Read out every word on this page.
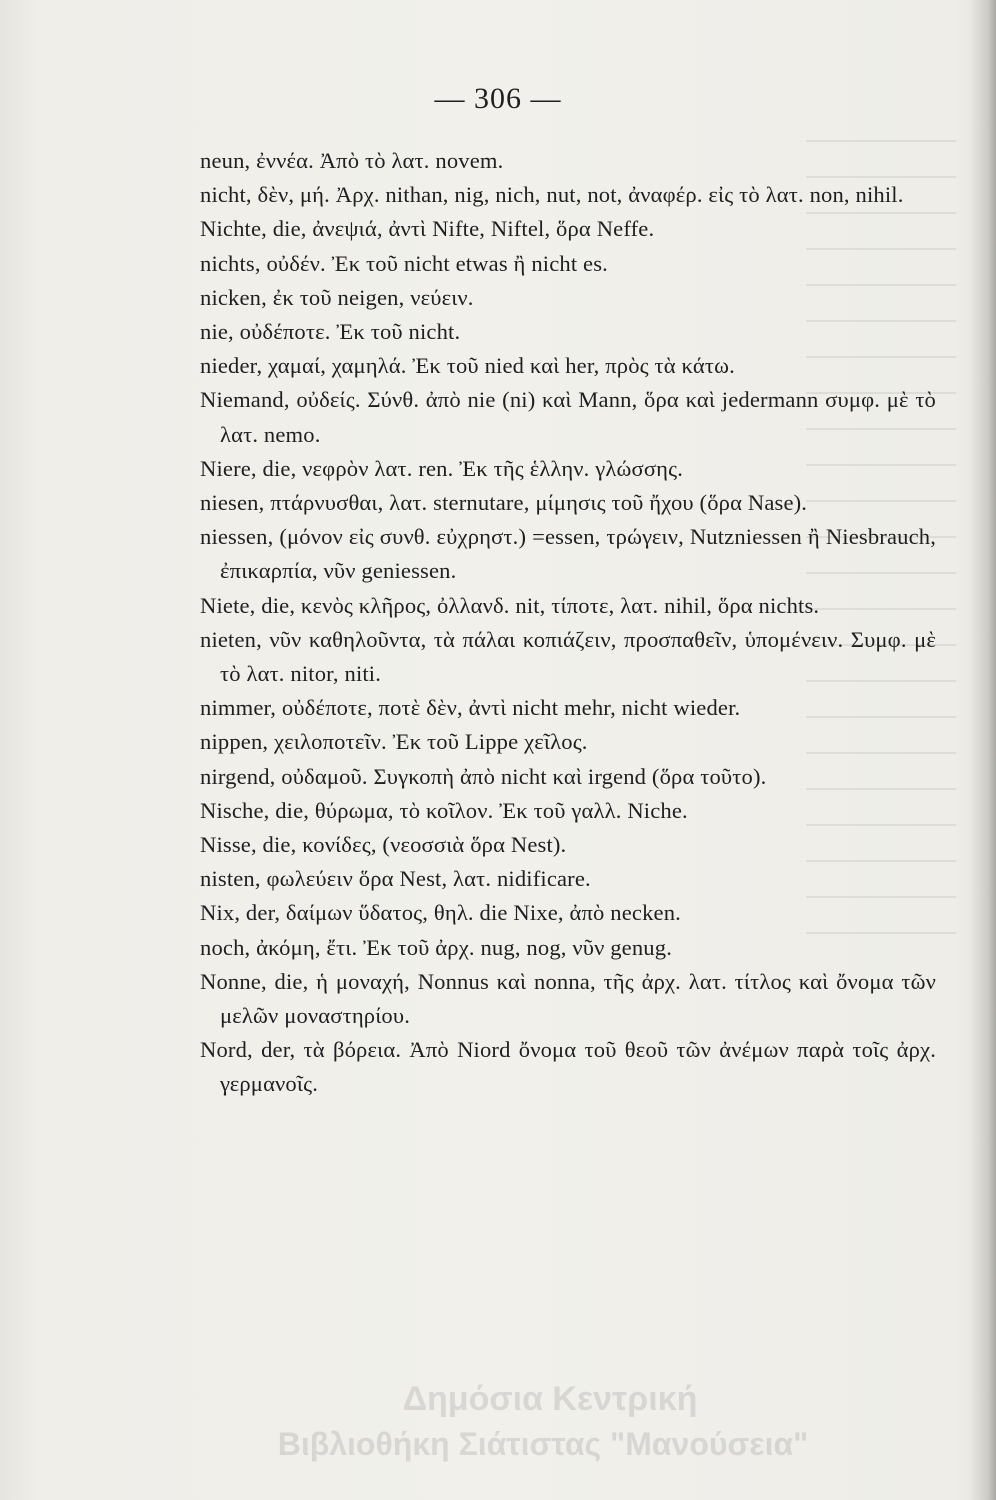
— 306 —
neun, ἐννέα. Ἀπὸ τὸ λατ. novem.
nicht, δὲν, μή. Ἀρχ. nithan, nig, nich, nut, not, ἀναφέρ. εἰς τὸ λατ. non, nihil.
Nichte, die, ἀνεψιά, ἀντὶ Nifte, Niftel, ὅρα Neffe.
nichts, οὐδέν. Ἐκ τοῦ nicht etwas ἢ nicht es.
nicken, ἐκ τοῦ neigen, νεύειν.
nie, οὐδέποτε. Ἐκ τοῦ nicht.
nieder, χαμαί, χαμηλά. Ἐκ τοῦ nied καὶ her, πρὸς τὰ κάτω.
Niemand, οὐδείς. Σύνθ. ἀπὸ nie (ni) καὶ Mann, ὅρα καὶ jedermann συμφ. μὲ τὸ λατ. nemo.
Niere, die, νεφρὸν λατ. ren. Ἐκ τῆς ἑλλην. γλώσσης.
niesen, πτάρνυσθαι, λατ. sternutare, μίμησις τοῦ ἤχου (ὅρα Nase).
niessen, (μόνον εἰς συνθ. εὐχρηστ.) =essen, τρώγειν, Nutzniessen ἢ Niesbrauch, ἐπικαρπία, νῦν geniessen.
Niete, die, κενὸς κλῆρος, ὀλλανδ. nit, τίποτε, λατ. nihil, ὅρα nichts.
nieten, νῦν καθηλοῦντα, τὰ πάλαι κοπιάζειν, προσπαθεῖν, ὑπομένειν. Συμφ. μὲ τὸ λατ. nitor, niti.
nimmer, οὐδέποτε, ποτὲ δὲν, ἀντὶ nicht mehr, nicht wieder.
nippen, χειλοποτεῖν. Ἐκ τοῦ Lippe χεῖλος.
nirgend, οὐδαμοῦ. Συγκοπὴ ἀπὸ nicht καὶ irgend (ὅρα τοῦτο).
Nische, die, θύρωμα, τὸ κοῖλον. Ἐκ τοῦ γαλλ. Niche.
Nisse, die, κονίδες, (νεοσσιὰ ὅρα Nest).
nisten, φωλεύειν ὅρα Nest, λατ. nidificare.
Nix, der, δαίμων ὕδατος, θηλ. die Nixe, ἀπὸ necken.
noch, ἀκόμη, ἔτι. Ἐκ τοῦ ἀρχ. nug, nog, νῦν genug.
Nonne, die, ἡ μοναχή, Nonnus καὶ nonna, τῆς ἀρχ. λατ. τίτλος καὶ ὄνομα τῶν μελῶν μοναστηρίου.
Nord, der, τὰ βόρεια. Ἀπὸ Niord ὄνομα τοῦ θεοῦ τῶν ἀνέμων παρὰ τοῖς ἀρχ. γερμανοῖς.
Δημόσια Κεντρική
Βιβλιοθήκη Σιάτιστας "Μανούσεια"
